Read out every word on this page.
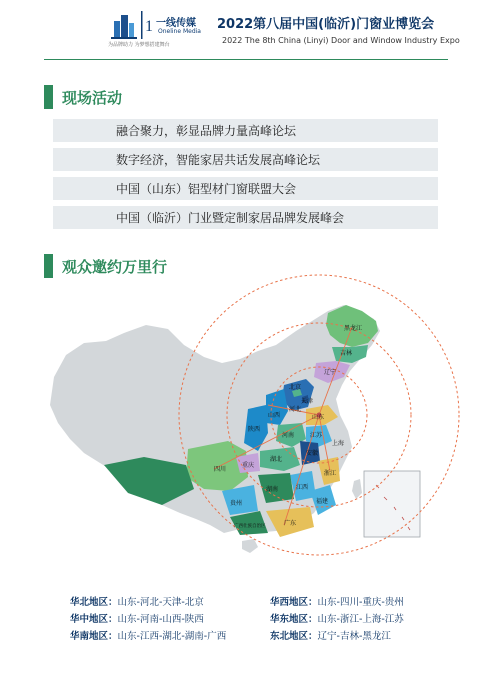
1 一线传媒
Oneline Media
为品牌助力 为梦想搭建舞台
2022第八届中国(临沂)门窗业博览会
2022 The 8th China (Linyi) Door and Window Industry Expo
现场活动
融合聚力，彰显品牌力量高峰论坛
数字经济，智能家居共话发展高峰论坛
中国（山东）铝型材门窗联盟大会
中国（临沂）门业暨定制家居品牌发展峰会
观众邀约万里行
黑龙江
吉林
辽宁
北京
天津
河北
山西	山东
河南
四川
重庆
陕西
湖北
安徽
江苏
上海
浙江
贵州
湖南	江西
福建
广东
广西壮族自治区
华北地区：山东-河北-天津-北京
华中地区：山东-河南-山西-陕西
华南地区：山东-江西-湖北-湖南-广西
华西地区：山东-四川-重庆-贵州
华东地区：山东-浙江-上海-江苏
东北地区：辽宁-吉林-黑龙江
